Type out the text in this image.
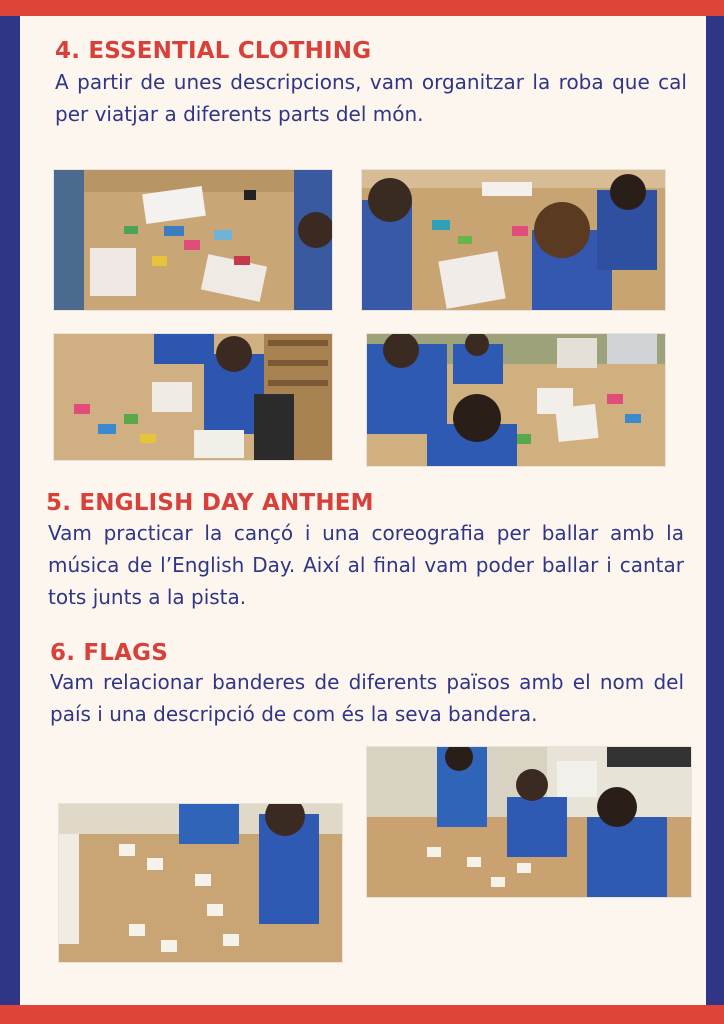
4. ESSENTIAL CLOTHING

A partir de unes descripcions, vam organitzar la roba que cal per viatjar a diferents parts del món.

5. ENGLISH DAY ANTHEM

Vam practicar la cançó i una coreografia per ballar amb la música de l’English Day. Així al final vam poder ballar i cantar tots junts a la pista.

6. FLAGS

Vam relacionar banderes de diferents països amb el nom del país i una descripció de com és la seva bandera.
